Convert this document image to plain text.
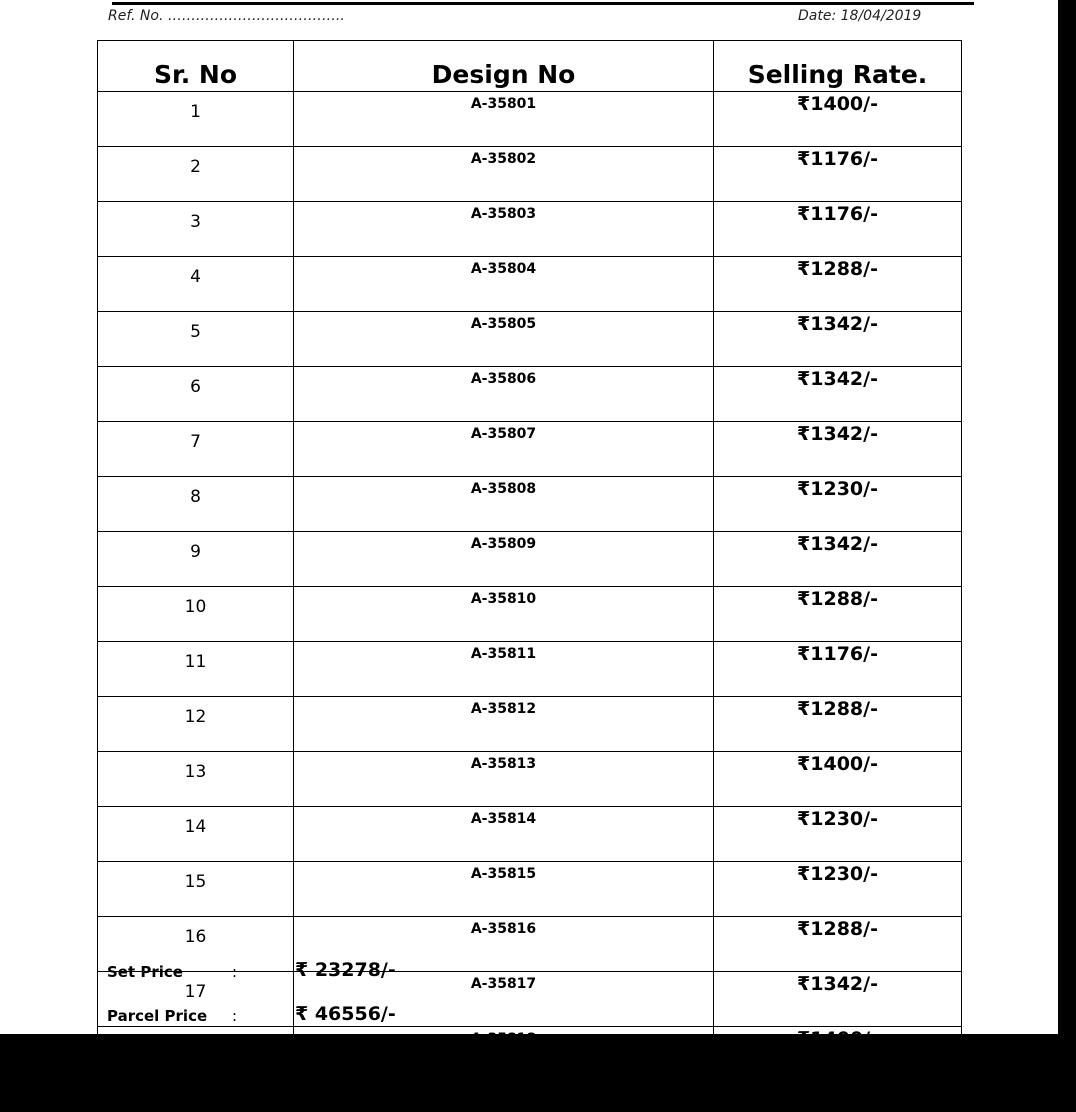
Ref. No. ………………………………..	Date: 18/04/2019
Sr. No	Design No	Selling Rate.
1	A-35801	₹1400/-
2	A-35802	₹1176/-
3	A-35803	₹1176/-
4	A-35804	₹1288/-
5	A-35805	₹1342/-
6	A-35806	₹1342/-
7	A-35807	₹1342/-
8	A-35808	₹1230/-
9	A-35809	₹1342/-
10	A-35810	₹1288/-
11	A-35811	₹1176/-
12	A-35812	₹1288/-
13	A-35813	₹1400/-
14	A-35814	₹1230/-
15	A-35815	₹1230/-
16	A-35816	₹1288/-
17	A-35817	₹1342/-
18	A-35818	₹1400/-
	Average Selling Rate	₹1293/-
Set Price	:	₹ 23278/-
Parcel Price :	₹ 46556/-
